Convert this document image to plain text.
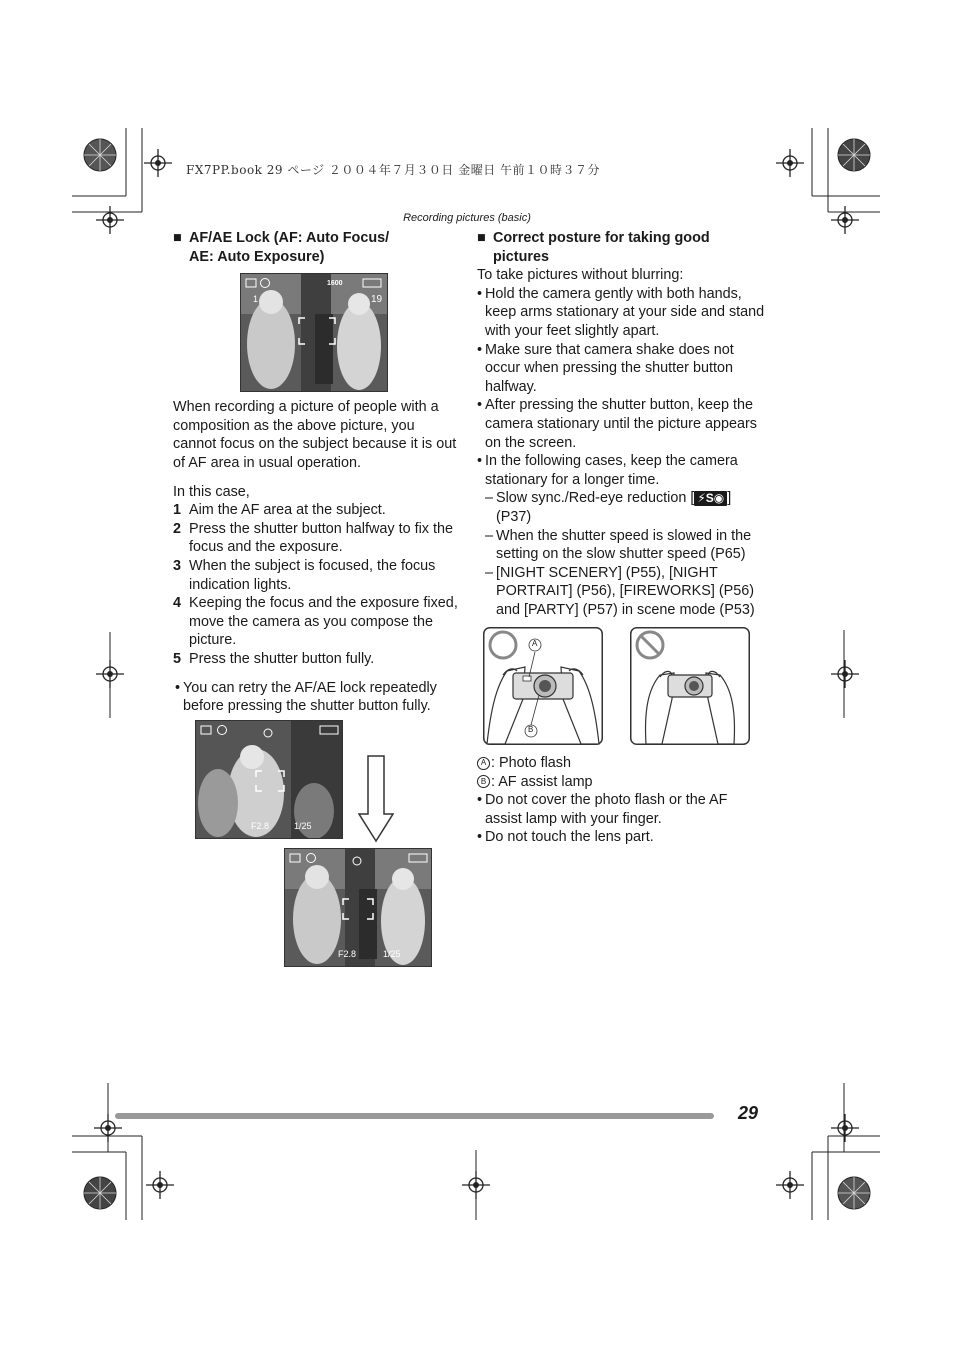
FX7PP.book 29 ページ ２００４年７月３０日 金曜日 午前１０時３７分
Recording pictures (basic)
■ AF/AE Lock (AF: Auto Focus/
AE: Auto Exposure)

When recording a picture of people with a composition as the above picture, you cannot focus on the subject because it is out of AF area in usual operation.

In this case,

1 Aim the AF area at the subject.
2 Press the shutter button halfway to fix the focus and the exposure.
3 When the subject is focused, the focus indication lights.
4 Keeping the focus and the exposure fixed, move the camera as you compose the picture.
5 Press the shutter button fully.
• You can retry the AF/AE lock repeatedly before pressing the shutter button fully.
1600
1	19
F2.8	1/25
F2.8	1/25
■ Correct posture for taking good
pictures

To take pictures without blurring:

• Hold the camera gently with both hands, keep arms stationary at your side and stand with your feet slightly apart.
• Make sure that camera shake does not occur when pressing the shutter button halfway.
• After pressing the shutter button, keep the camera stationary until the picture appears on the screen.
• In the following cases, keep the camera stationary for a longer time.
– Slow sync./Red-eye reduction [ ⚡S◉ ] (P37)
– When the shutter speed is slowed in the setting on the slow shutter speed (P65)
– [NIGHT SCENERY] (P55), [NIGHT PORTRAIT] (P56), [FIREWORKS] (P56) and [PARTY] (P57) in scene mode (P53)
A
B
A : Photo flash
B : AF assist lamp
• Do not cover the photo flash or the AF assist lamp with your finger.
• Do not touch the lens part.
29
